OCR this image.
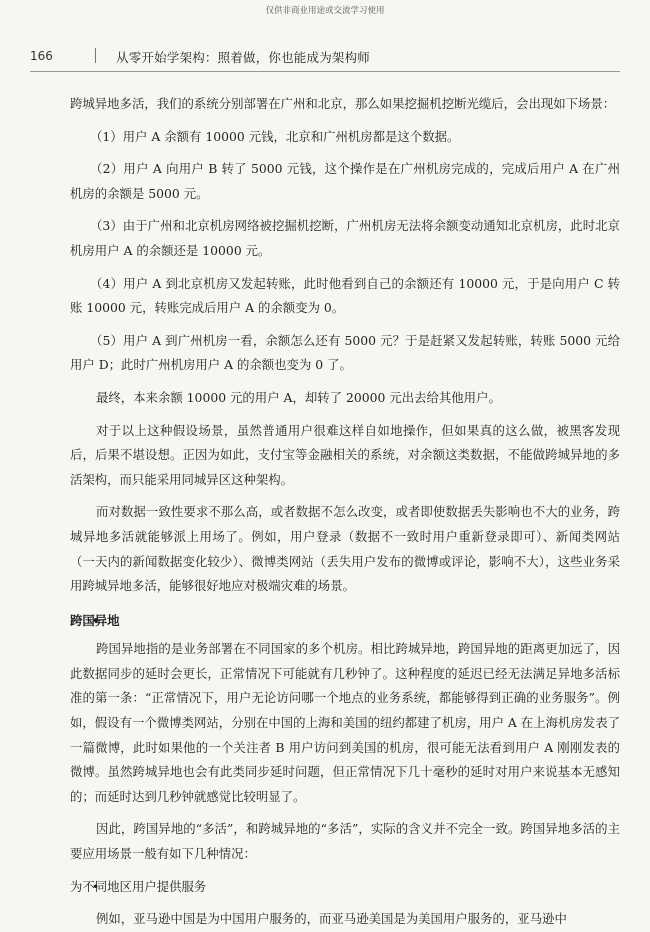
仅供非商业用途或交流学习使用
166	从零开始学架构：照着做，你也能成为架构师

跨城异地多活，我们的系统分别部署在广州和北京，那么如果挖掘机挖断光缆后，会出现如下场景：

（1）用户 A 余额有 10000 元钱，北京和广州机房都是这个数据。

（2）用户 A 向用户 B 转了 5000 元钱，这个操作是在广州机房完成的，完成后用户 A 在广州机房的余额是 5000 元。

（3）由于广州和北京机房网络被挖掘机挖断，广州机房无法将余额变动通知北京机房，此时北京机房用户 A 的余额还是 10000 元。

（4）用户 A 到北京机房又发起转账，此时他看到自己的余额还有 10000 元，于是向用户 C 转账 10000 元，转账完成后用户 A 的余额变为 0。

（5）用户 A 到广州机房一看，余额怎么还有 5000 元？于是赶紧又发起转账，转账 5000 元给用户 D；此时广州机房用户 A 的余额也变为 0 了。

最终，本来余额 10000 元的用户 A，却转了 20000 元出去给其他用户。

对于以上这种假设场景，虽然普通用户很难这样自如地操作，但如果真的这么做，被黑客发现后，后果不堪设想。正因为如此，支付宝等金融相关的系统，对余额这类数据，不能做跨城异地的多活架构，而只能采用同城异区这种架构。

而对数据一致性要求不那么高，或者数据不怎么改变，或者即使数据丢失影响也不大的业务，跨城异地多活就能够派上用场了。例如，用户登录（数据不一致时用户重新登录即可）、新闻类网站（一天内的新闻数据变化较少）、微博类网站（丢失用户发布的微博或评论，影响不大），这些业务采用跨城异地多活，能够很好地应对极端灾难的场景。

• 跨国异地

跨国异地指的是业务部署在不同国家的多个机房。相比跨城异地，跨国异地的距离更加远了，因此数据同步的延时会更长，正常情况下可能就有几秒钟了。这种程度的延迟已经无法满足异地多活标准的第一条：“正常情况下，用户无论访问哪一个地点的业务系统，都能够得到正确的业务服务”。例如，假设有一个微博类网站，分别在中国的上海和美国的纽约都建了机房，用户 A 在上海机房发表了一篇微博，此时如果他的一个关注者 B 用户访问到美国的机房，很可能无法看到用户 A 刚刚发表的微博。虽然跨城异地也会有此类同步延时问题，但正常情况下几十毫秒的延时对用户来说基本无感知的；而延时达到几秒钟就感觉比较明显了。

因此，跨国异地的“多活”，和跨城异地的“多活”，实际的含义并不完全一致。跨国异地多活的主要应用场景一般有如下几种情况：

• 为不同地区用户提供服务

例如，亚马逊中国是为中国用户服务的，而亚马逊美国是为美国用户服务的，亚马逊中
